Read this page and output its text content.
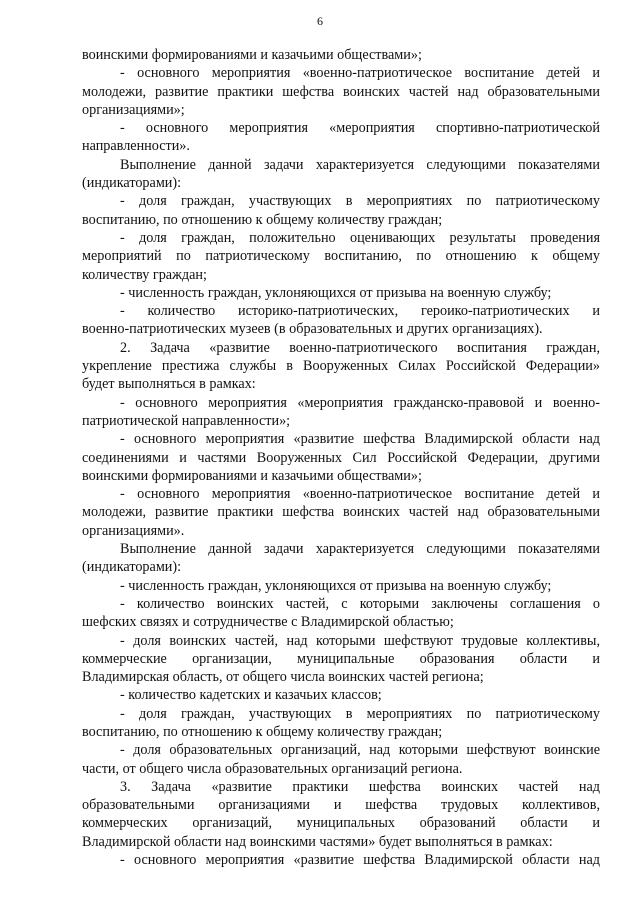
6
воинскими формированиями и казачьими обществами»;
- основного мероприятия «военно-патриотическое воспитание детей и
молодежи, развитие практики шефства воинских частей над образовательными
организациями»;
- основного мероприятия «мероприятия спортивно-патриотической
направленности».
Выполнение данной задачи характеризуется следующими показателями
(индикаторами):
- доля граждан, участвующих в мероприятиях по патриотическому
воспитанию, по отношению к общему количеству граждан;
- доля граждан, положительно оценивающих результаты проведения
мероприятий по патриотическому воспитанию, по отношению к общему
количеству граждан;
- численность граждан, уклоняющихся от призыва на военную службу;
- количество историко-патриотических, героико-патриотических и
военно-патриотических музеев (в образовательных и других организациях).
2. Задача «развитие военно-патриотического воспитания граждан,
укрепление престижа службы в Вооруженных Силах Российской Федерации»
будет выполняться в рамках:
- основного мероприятия «мероприятия гражданско-правовой и военно-
патриотической направленности»;
- основного мероприятия «развитие шефства Владимирской области над
соединениями и частями Вооруженных Сил Российской Федерации, другими
воинскими формированиями и казачьими обществами»;
- основного мероприятия «военно-патриотическое воспитание детей и
молодежи, развитие практики шефства воинских частей над образовательными
организациями».
Выполнение данной задачи характеризуется следующими показателями
(индикаторами):
- численность граждан, уклоняющихся от призыва на военную службу;
- количество воинских частей, с которыми заключены соглашения о
шефских связях и сотрудничестве с Владимирской областью;
- доля воинских частей, над которыми шефствуют трудовые коллективы,
коммерческие организации, муниципальные образования области и
Владимирская область, от общего числа воинских частей региона;
- количество кадетских и казачьих классов;
- доля граждан, участвующих в мероприятиях по патриотическому
воспитанию, по отношению к общему количеству граждан;
- доля образовательных организаций, над которыми шефствуют воинские
части, от общего числа образовательных организаций региона.
3. Задача «развитие практики шефства воинских частей над
образовательными организациями и шефства трудовых коллективов,
коммерческих организаций, муниципальных образований области и
Владимирской области над воинскими частями» будет выполняться в рамках:
- основного мероприятия «развитие шефства Владимирской области над
